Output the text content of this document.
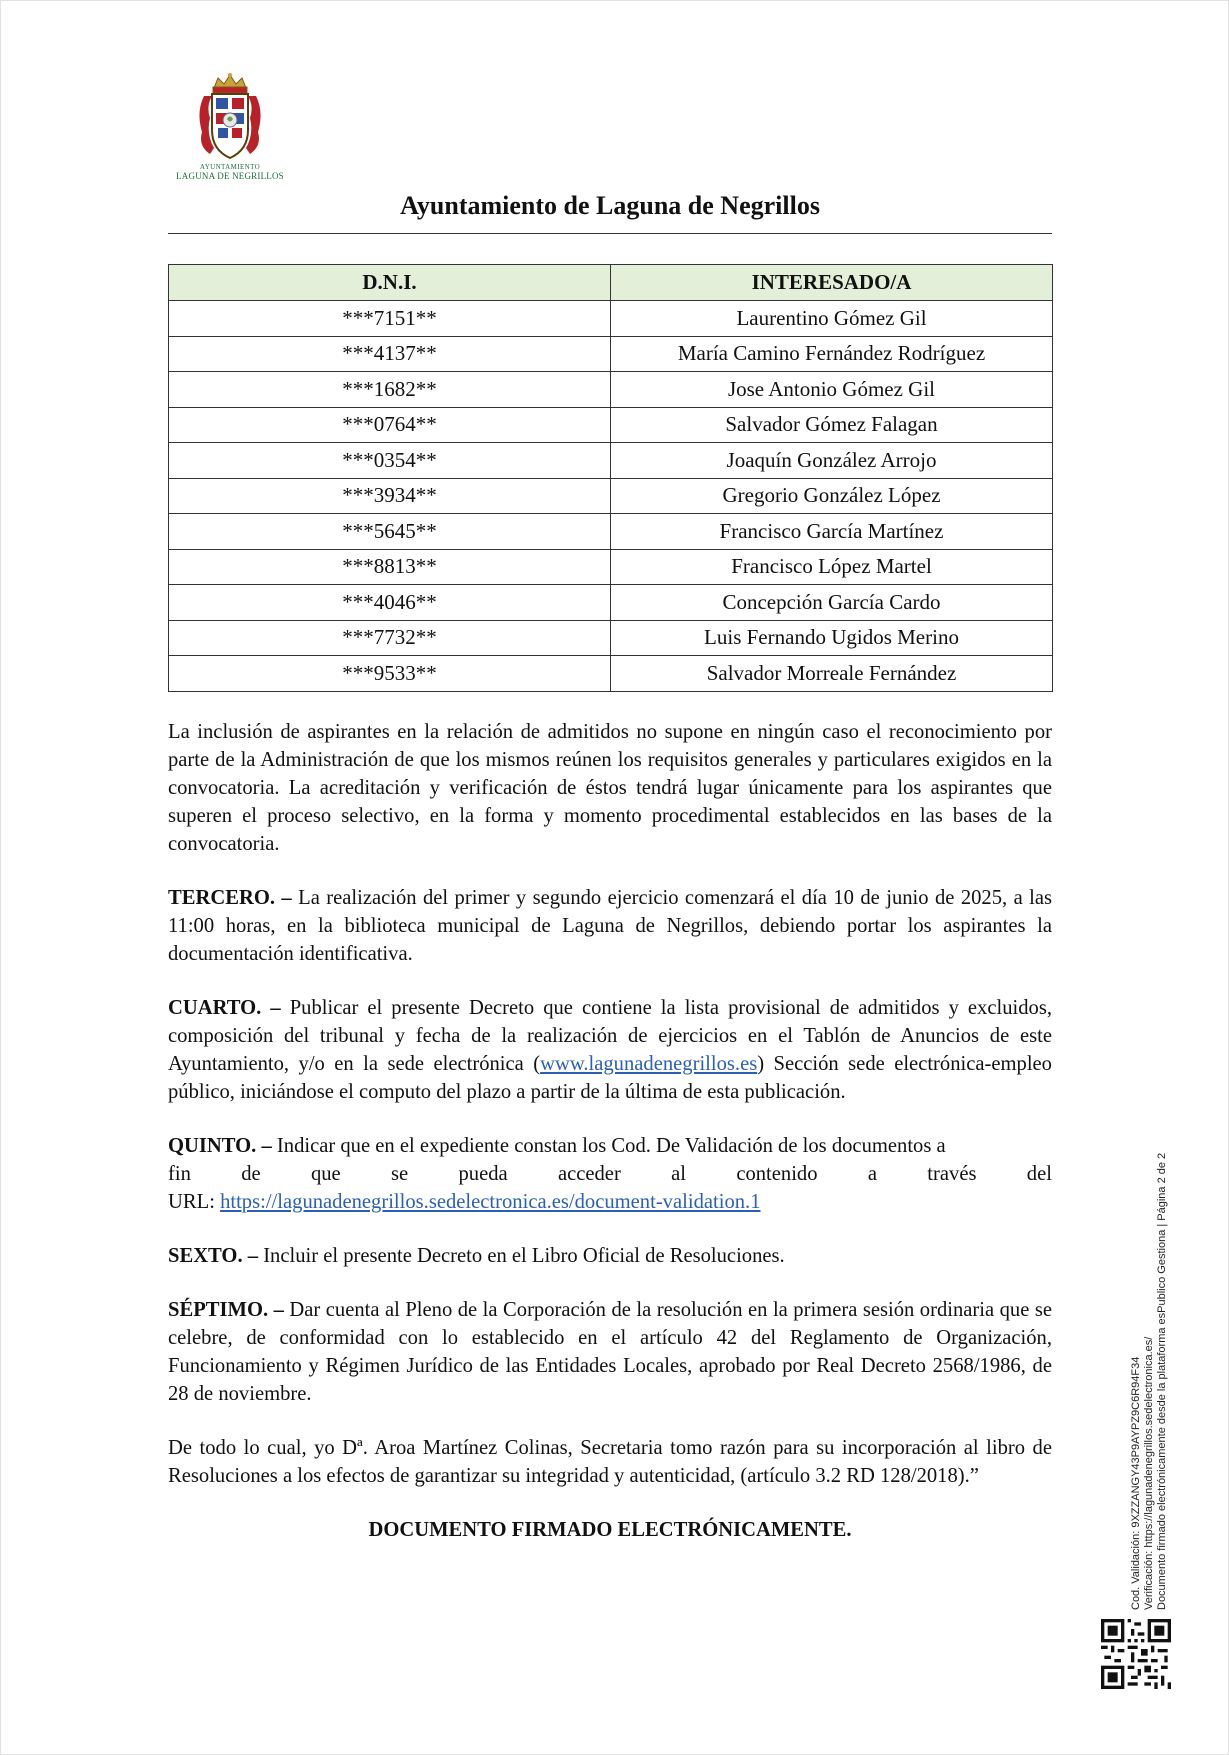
AYUNTAMIENTO
LAGUNA DE NEGRILLOS
Ayuntamiento de Laguna de Negrillos
D.N.I.	INTERESADO/A
***7151**	Laurentino Gómez Gil
***4137**	María Camino Fernández Rodríguez
***1682**	Jose Antonio Gómez Gil
***0764**	Salvador Gómez Falagan
***0354**	Joaquín González Arrojo
***3934**	Gregorio González López
***5645**	Francisco García Martínez
***8813**	Francisco López Martel
***4046**	Concepción García Cardo
***7732**	Luis Fernando Ugidos Merino
***9533**	Salvador Morreale Fernández

La inclusión de aspirantes en la relación de admitidos no supone en ningún caso el reconocimiento por parte de la Administración de que los mismos reúnen los requisitos generales y particulares exigidos en la convocatoria. La acreditación y verificación de éstos tendrá lugar únicamente para los aspirantes que superen el proceso selectivo, en la forma y momento procedimental establecidos en las bases de la convocatoria.

TERCERO. – La realización del primer y segundo ejercicio comenzará el día 10 de junio de 2025, a las 11:00 horas, en la biblioteca municipal de Laguna de Negrillos, debiendo portar los aspirantes la documentación identificativa.

CUARTO. – Publicar el presente Decreto que contiene la lista provisional de admitidos y excluidos, composición del tribunal y fecha de la realización de ejercicios en el Tablón de Anuncios de este Ayuntamiento, y/o en la sede electrónica (www.lagunadenegrillos.es) Sección sede electrónica-empleo público, iniciándose el computo del plazo a partir de la última de esta publicación.

QUINTO. – Indicar que en el expediente constan los Cod. De Validación de los documentos a
fin de que se pueda acceder al contenido a través del
URL: https://lagunadenegrillos.sedelectronica.es/document-validation.1

SEXTO. – Incluir el presente Decreto en el Libro Oficial de Resoluciones.

SÉPTIMO. – Dar cuenta al Pleno de la Corporación de la resolución en la primera sesión ordinaria que se celebre, de conformidad con lo establecido en el artículo 42 del Reglamento de Organización, Funcionamiento y Régimen Jurídico de las Entidades Locales, aprobado por Real Decreto 2568/1986, de 28 de noviembre.

De todo lo cual, yo Dª. Aroa Martínez Colinas, Secretaria tomo razón para su incorporación al libro de Resoluciones a los efectos de garantizar su integridad y autenticidad, (artículo 3.2 RD 128/2018).”

DOCUMENTO FIRMADO ELECTRÓNICAMENTE.	Cod. Validación: 9XZZANGY43P9AYPZ9C6R94F34 Verificación: https://lagunadenegrillos.sedelectronica.es/ Documento firmado electrónicamente desde la plataforma esPublico Gestiona | Página 2 de 2
